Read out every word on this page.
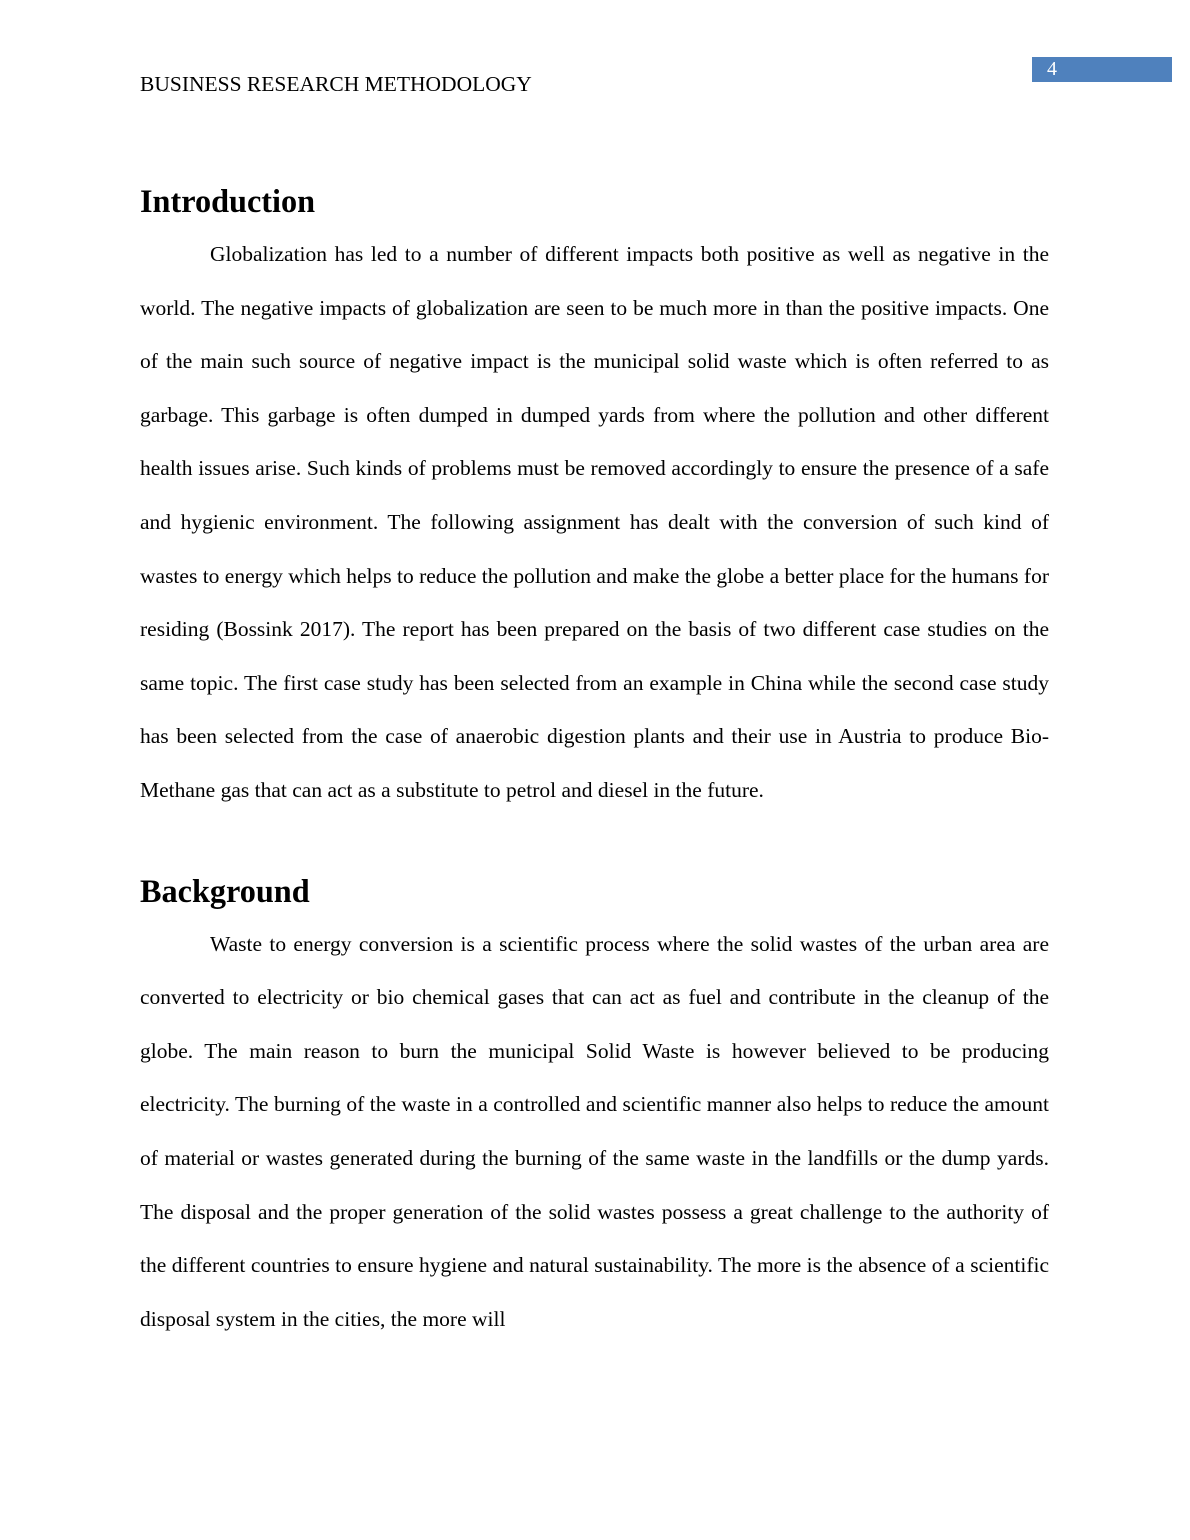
4
BUSINESS RESEARCH METHODOLOGY
Introduction

Globalization has led to a number of different impacts both positive as well as negative in the world. The negative impacts of globalization are seen to be much more in than the positive impacts. One of the main such source of negative impact is the municipal solid waste which is often referred to as garbage. This garbage is often dumped in dumped yards from where the pollution and other different health issues arise. Such kinds of problems must be removed accordingly to ensure the presence of a safe and hygienic environment. The following assignment has dealt with the conversion of such kind of wastes to energy which helps to reduce the pollution and make the globe a better place for the humans for residing (Bossink 2017). The report has been prepared on the basis of two different case studies on the same topic. The first case study has been selected from an example in China while the second case study has been selected from the case of anaerobic digestion plants and their use in Austria to produce Bio-Methane gas that can act as a substitute to petrol and diesel in the future.

Background

Waste to energy conversion is a scientific process where the solid wastes of the urban area are converted to electricity or bio chemical gases that can act as fuel and contribute in the cleanup of the globe. The main reason to burn the municipal Solid Waste is however believed to be producing electricity. The burning of the waste in a controlled and scientific manner also helps to reduce the amount of material or wastes generated during the burning of the same waste in the landfills or the dump yards. The disposal and the proper generation of the solid wastes possess a great challenge to the authority of the different countries to ensure hygiene and natural sustainability. The more is the absence of a scientific disposal system in the cities, the more will
